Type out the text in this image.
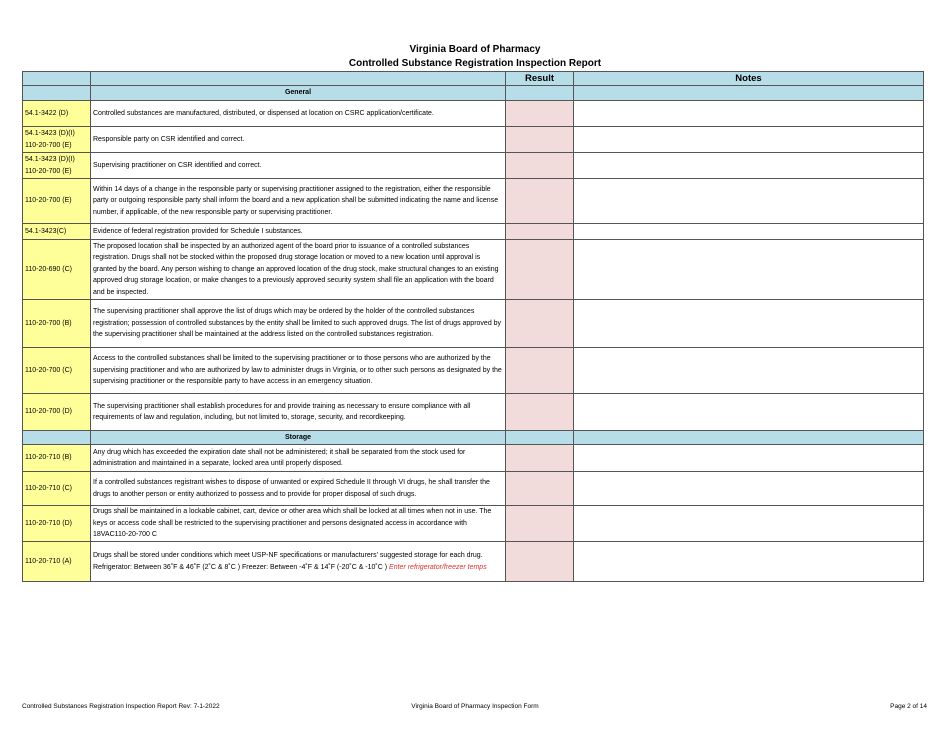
Virginia Board of Pharmacy
Controlled Substance Registration Inspection Report
		Result	Notes
	General		
54.1-3422 (D)	Controlled substances are manufactured, distributed, or dispensed at location on CSRC application/certificate.		
54.1-3423 (D)(I) 110-20-700 (E)	Responsible party on CSR identified and correct.		
54.1-3423 (D)(I) 110-20-700 (E)	Supervising practitioner on CSR identified and correct.		
110-20-700 (E)	Within 14 days of a change in the responsible party or supervising practitioner assigned to the registration, either the responsible party or outgoing responsible party shall inform the board and a new application shall be submitted indicating the name and license number, if applicable, of the new responsible party or supervising practitioner.		
54.1-3423(C)	Evidence of federal registration provided for Schedule I substances.		
110-20-690 (C)	The proposed location shall be inspected by an authorized agent of the board prior to issuance of a controlled substances registration. Drugs shall not be stocked within the proposed drug storage location or moved to a new location until approval is granted by the board. Any person wishing to change an approved location of the drug stock, make structural changes to an existing approved drug storage location, or make changes to a previously approved security system shall file an application with the board and be inspected.		
110-20-700 (B)	The supervising practitioner shall approve the list of drugs which may be ordered by the holder of the controlled substances registration; possession of controlled substances by the entity shall be limited to such approved drugs. The list of drugs approved by the supervising practitioner shall be maintained at the address listed on the controlled substances registration.		
110-20-700 (C)	Access to the controlled substances shall be limited to the supervising practitioner or to those persons who are authorized by the supervising practitioner and who are authorized by law to administer drugs in Virginia, or to other such persons as designated by the supervising practitioner or the responsible party to have access in an emergency situation.		
110-20-700 (D)	The supervising practitioner shall establish procedures for and provide training as necessary to ensure compliance with all requirements of law and regulation, including, but not limited to, storage, security, and recordkeeping.		
	Storage		
110-20-710 (B)	Any drug which has exceeded the expiration date shall not be administered; it shall be separated from the stock used for administration and maintained in a separate, locked area until properly disposed.		
110-20-710 (C)	If a controlled substances registrant wishes to dispose of unwanted or expired Schedule II through VI drugs, he shall transfer the drugs to another person or entity authorized to possess and to provide for proper disposal of such drugs.		
110-20-710 (D)	Drugs shall be maintained in a lockable cabinet, cart, device or other area which shall be locked at all times when not in use. The keys or access code shall be restricted to the supervising practitioner and persons designated access in accordance with 18VAC110-20-700 C		
110-20-710 (A)	Drugs shall be stored under conditions which meet USP-NF specifications or manufacturers' suggested storage for each drug. Refrigerator: Between 36˚F & 46˚F (2˚C & 8˚C ) Freezer: Between -4˚F & 14˚F (-20˚C & -10˚C ) Enter refrigerator/freezer temps		
Controlled Substances Registration Inspection Report Rev: 7-1-2022	Virginia Board of Pharmacy Inspection Form	Page 2 of 14
